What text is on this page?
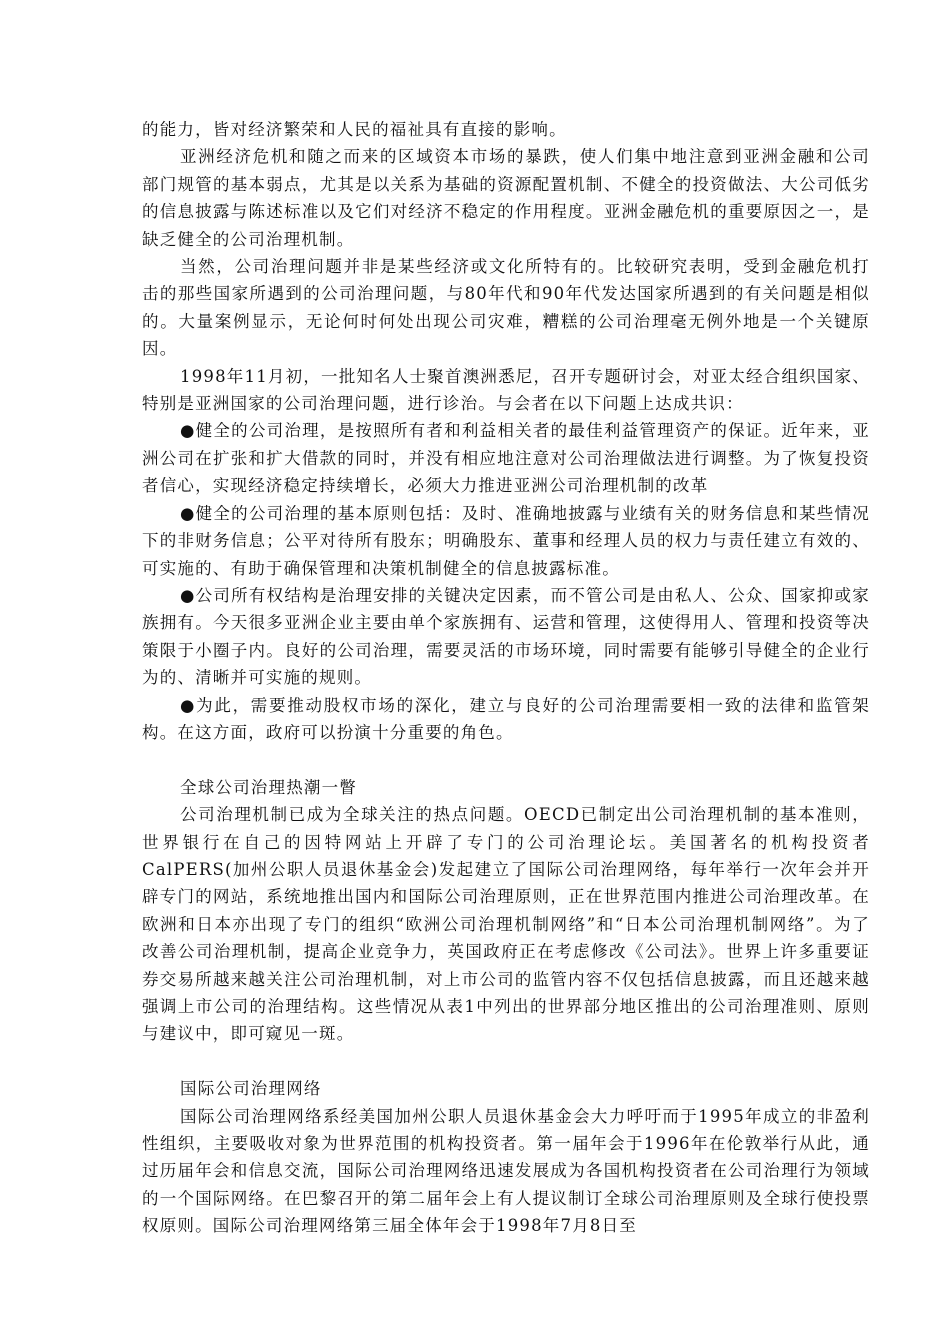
的能力，皆对经济繁荣和人民的福祉具有直接的影响。

亚洲经济危机和随之而来的区域资本市场的暴跌，使人们集中地注意到亚洲金融和公司部门规管的基本弱点，尤其是以关系为基础的资源配置机制、不健全的投资做法、大公司低劣的信息披露与陈述标准以及它们对经济不稳定的作用程度。亚洲金融危机的重要原因之一，是缺乏健全的公司治理机制。

当然，公司治理问题并非是某些经济或文化所特有的。比较研究表明，受到金融危机打击的那些国家所遇到的公司治理问题，与80年代和90年代发达国家所遇到的有关问题是相似的。大量案例显示，无论何时何处出现公司灾难，糟糕的公司治理毫无例外地是一个关键原因。

1998年11月初，一批知名人士聚首澳洲悉尼，召开专题研讨会，对亚太经合组织国家、特别是亚洲国家的公司治理问题，进行诊治。与会者在以下问题上达成共识：

●健全的公司治理，是按照所有者和利益相关者的最佳利益管理资产的保证。近年来，亚洲公司在扩张和扩大借款的同时，并没有相应地注意对公司治理做法进行调整。为了恢复投资者信心，实现经济稳定持续增长，必须大力推进亚洲公司治理机制的改革

●健全的公司治理的基本原则包括：及时、准确地披露与业绩有关的财务信息和某些情况下的非财务信息；公平对待所有股东；明确股东、董事和经理人员的权力与责任建立有效的、可实施的、有助于确保管理和决策机制健全的信息披露标准。

●公司所有权结构是治理安排的关键决定因素，而不管公司是由私人、公众、国家抑或家族拥有。今天很多亚洲企业主要由单个家族拥有、运营和管理，这使得用人、管理和投资等决策限于小圈子内。良好的公司治理，需要灵活的市场环境，同时需要有能够引导健全的企业行为的、清晰并可实施的规则。

●为此，需要推动股权市场的深化，建立与良好的公司治理需要相一致的法律和监管架构。在这方面，政府可以扮演十分重要的角色。

全球公司治理热潮一瞥

公司治理机制已成为全球关注的热点问题。OECD已制定出公司治理机制的基本准则，世界银行在自己的因特网站上开辟了专门的公司治理论坛。美国著名的机构投资者CalPERS(加州公职人员退休基金会)发起建立了国际公司治理网络，每年举行一次年会并开辟专门的网站，系统地推出国内和国际公司治理原则，正在世界范围内推进公司治理改革。在欧洲和日本亦出现了专门的组织“欧洲公司治理机制网络”和“日本公司治理机制网络”。为了改善公司治理机制，提高企业竞争力，英国政府正在考虑修改《公司法》。世界上许多重要证券交易所越来越关注公司治理机制，对上市公司的监管内容不仅包括信息披露，而且还越来越强调上市公司的治理结构。这些情况从表1中列出的世界部分地区推出的公司治理准则、原则与建议中，即可窥见一斑。

国际公司治理网络

国际公司治理网络系经美国加州公职人员退休基金会大力呼吁而于1995年成立的非盈利性组织，主要吸收对象为世界范围的机构投资者。第一届年会于1996年在伦敦举行从此，通过历届年会和信息交流，国际公司治理网络迅速发展成为各国机构投资者在公司治理行为领域的一个国际网络。在巴黎召开的第二届年会上有人提议制订全球公司治理原则及全球行使投票权原则。国际公司治理网络第三届全体年会于1998年7月8日至
